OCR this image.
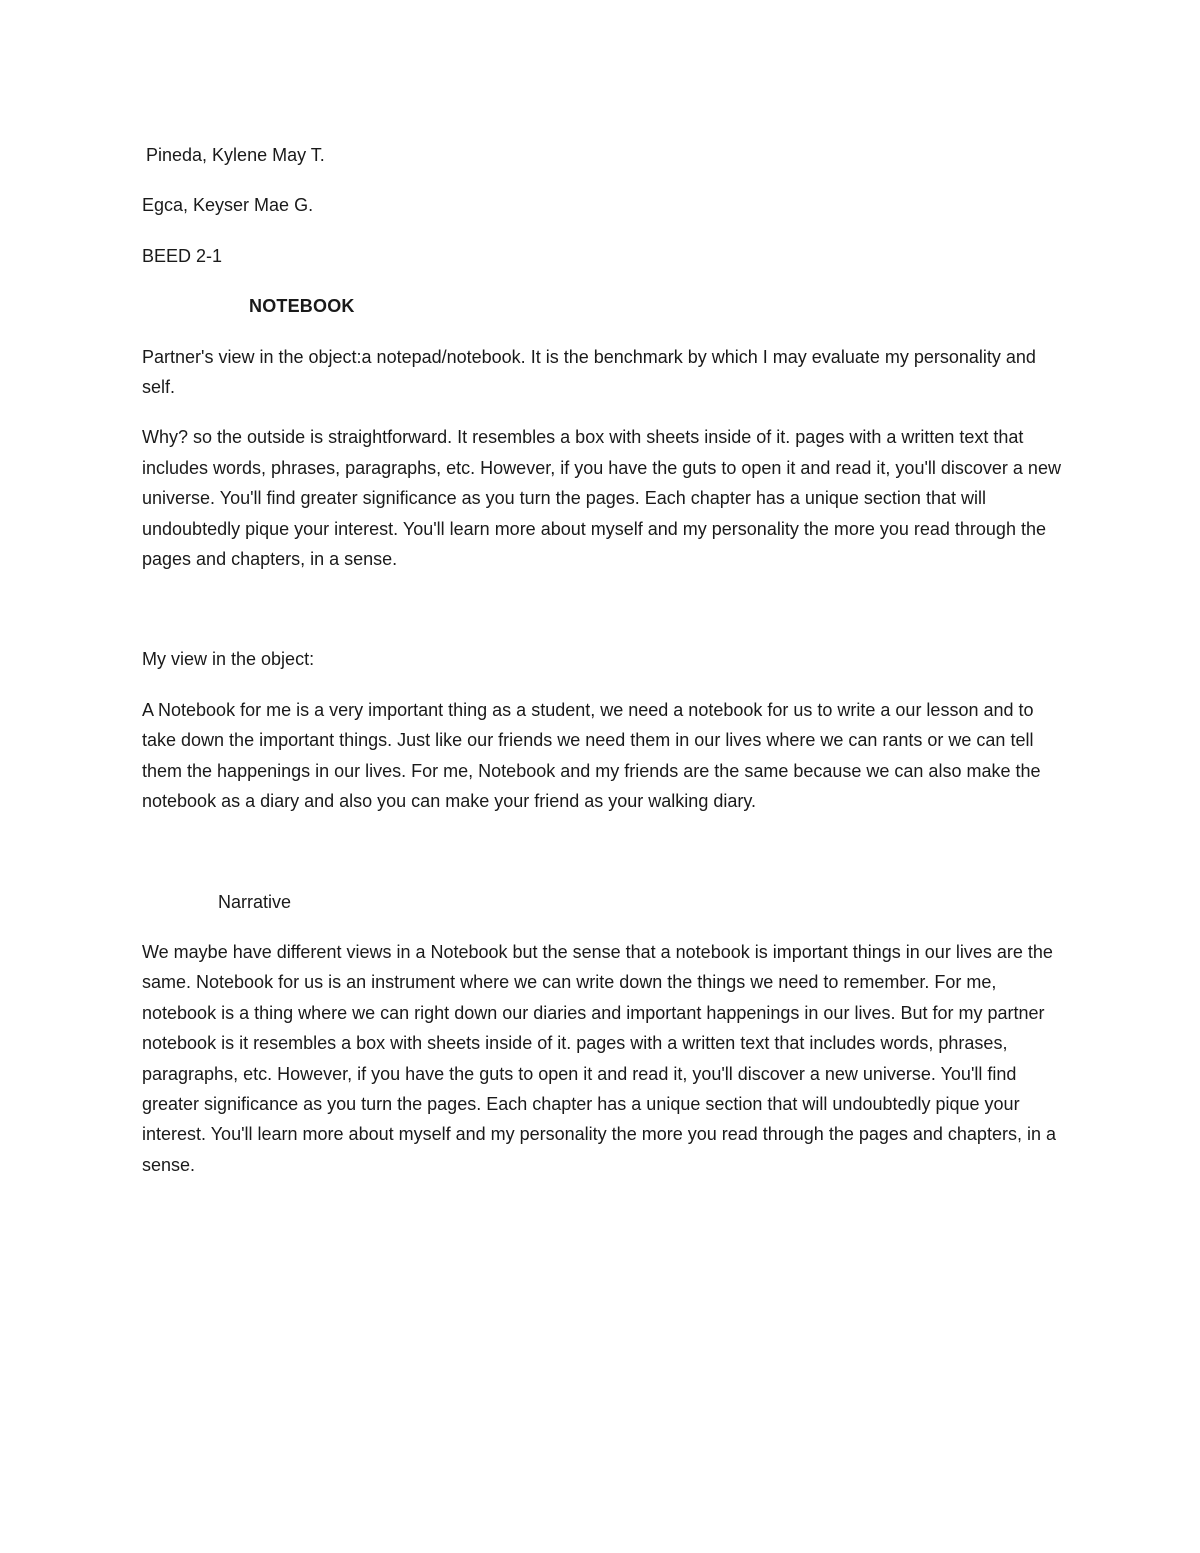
Pineda, Kylene May T.

Egca, Keyser Mae G.

BEED 2-1

NOTEBOOK

Partner's view in the object:a notepad/notebook. It is the benchmark by which I may evaluate my personality and self.

Why? so the outside is straightforward. It resembles a box with sheets inside of it. pages with a written text that includes words, phrases, paragraphs, etc. However, if you have the guts to open it and read it, you'll discover a new universe. You'll find greater significance as you turn the pages. Each chapter has a unique section that will undoubtedly pique your interest. You'll learn more about myself and my personality the more you read through the pages and chapters, in a sense.

My view in the object:

A Notebook for me is a very important thing as a student, we need a notebook for us to write a our lesson and to take down the important things. Just like our friends we need them in our lives where we can rants or we can tell them the happenings in our lives. For me, Notebook and my friends are the same because we can also make the notebook as a diary and also you can make your friend as your walking diary.

Narrative

We maybe have different views in a Notebook but the sense that a notebook is important things in our lives are the same. Notebook for us is an instrument where we can write down the things we need to remember. For me, notebook is a thing where we can right down our diaries and important happenings in our lives. But for my partner notebook is it resembles a box with sheets inside of it. pages with a written text that includes words, phrases, paragraphs, etc. However, if you have the guts to open it and read it, you'll discover a new universe. You'll find greater significance as you turn the pages. Each chapter has a unique section that will undoubtedly pique your interest. You'll learn more about myself and my personality the more you read through the pages and chapters, in a sense.
